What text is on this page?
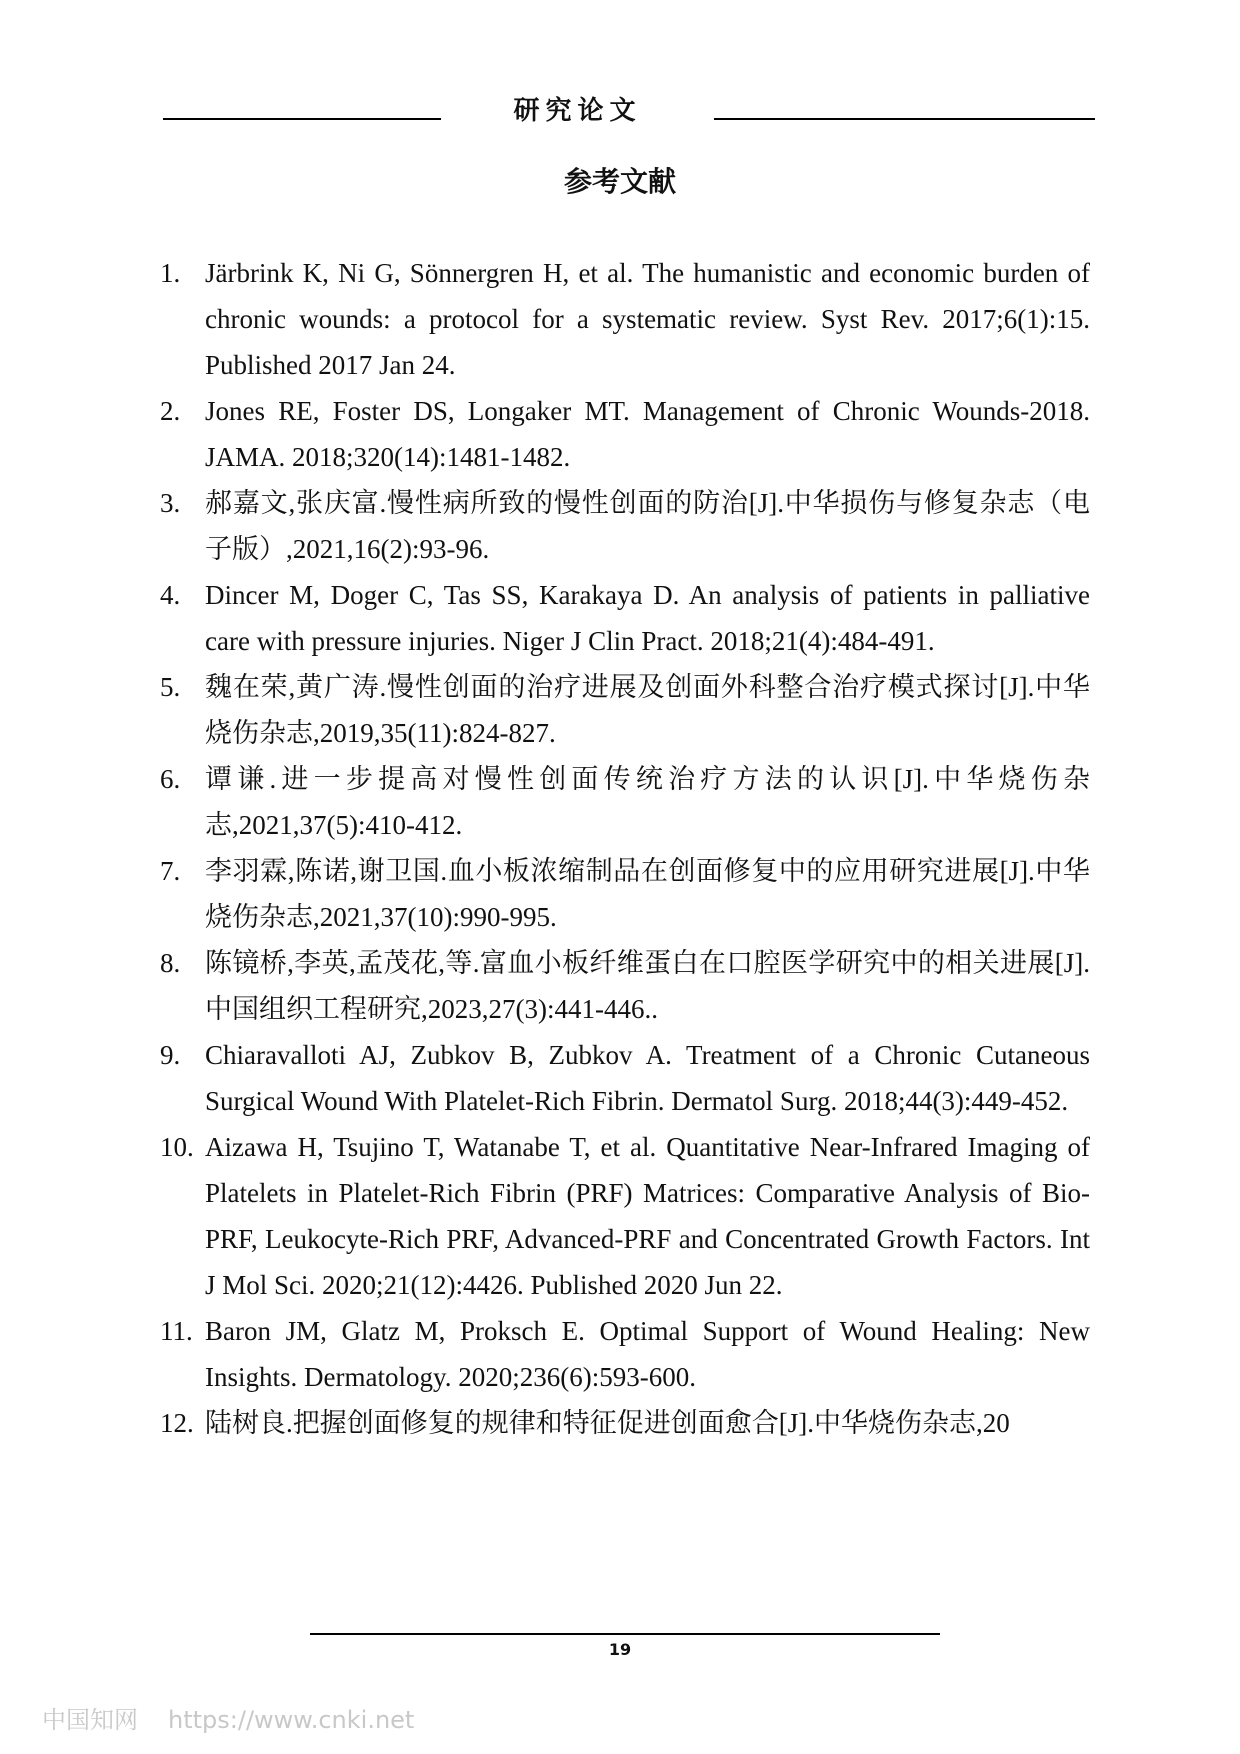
研究论文
参考文献
1. Järbrink K, Ni G, Sönnergren H, et al. The humanistic and economic burden of chronic wounds: a protocol for a systematic review. Syst Rev. 2017;6(1):15. Published 2017 Jan 24.
2. Jones RE, Foster DS, Longaker MT. Management of Chronic Wounds-2018. JAMA. 2018;320(14):1481-1482.
3. 郝嘉文,张庆富.慢性病所致的慢性创面的防治[J].中华损伤与修复杂志（电子版）,2021,16(2):93-96.
4. Dincer M, Doger C, Tas SS, Karakaya D. An analysis of patients in palliative care with pressure injuries. Niger J Clin Pract. 2018;21(4):484-491.
5. 魏在荣,黄广涛.慢性创面的治疗进展及创面外科整合治疗模式探讨[J].中华烧伤杂志,2019,35(11):824-827.
6. 谭谦.进一步提高对慢性创面传统治疗方法的认识[J].中华烧伤杂志,2021,37(5):410-412.
7. 李羽霖,陈诺,谢卫国.血小板浓缩制品在创面修复中的应用研究进展[J].中华烧伤杂志,2021,37(10):990-995.
8. 陈镜桥,李英,孟茂花,等.富血小板纤维蛋白在口腔医学研究中的相关进展[J].中国组织工程研究,2023,27(3):441-446..
9. Chiaravalloti AJ, Zubkov B, Zubkov A. Treatment of a Chronic Cutaneous Surgical Wound With Platelet-Rich Fibrin. Dermatol Surg. 2018;44(3):449-452.
10. Aizawa H, Tsujino T, Watanabe T, et al. Quantitative Near-Infrared Imaging of Platelets in Platelet-Rich Fibrin (PRF) Matrices: Comparative Analysis of Bio-PRF, Leukocyte-Rich PRF, Advanced-PRF and Concentrated Growth Factors. Int J Mol Sci. 2020;21(12):4426. Published 2020 Jun 22.
11. Baron JM, Glatz M, Proksch E. Optimal Support of Wound Healing: New Insights. Dermatology. 2020;236(6):593-600.
12. 陆树良.把握创面修复的规律和特征促进创面愈合[J].中华烧伤杂志,20
19
中国知网 https://www.cnki.net
